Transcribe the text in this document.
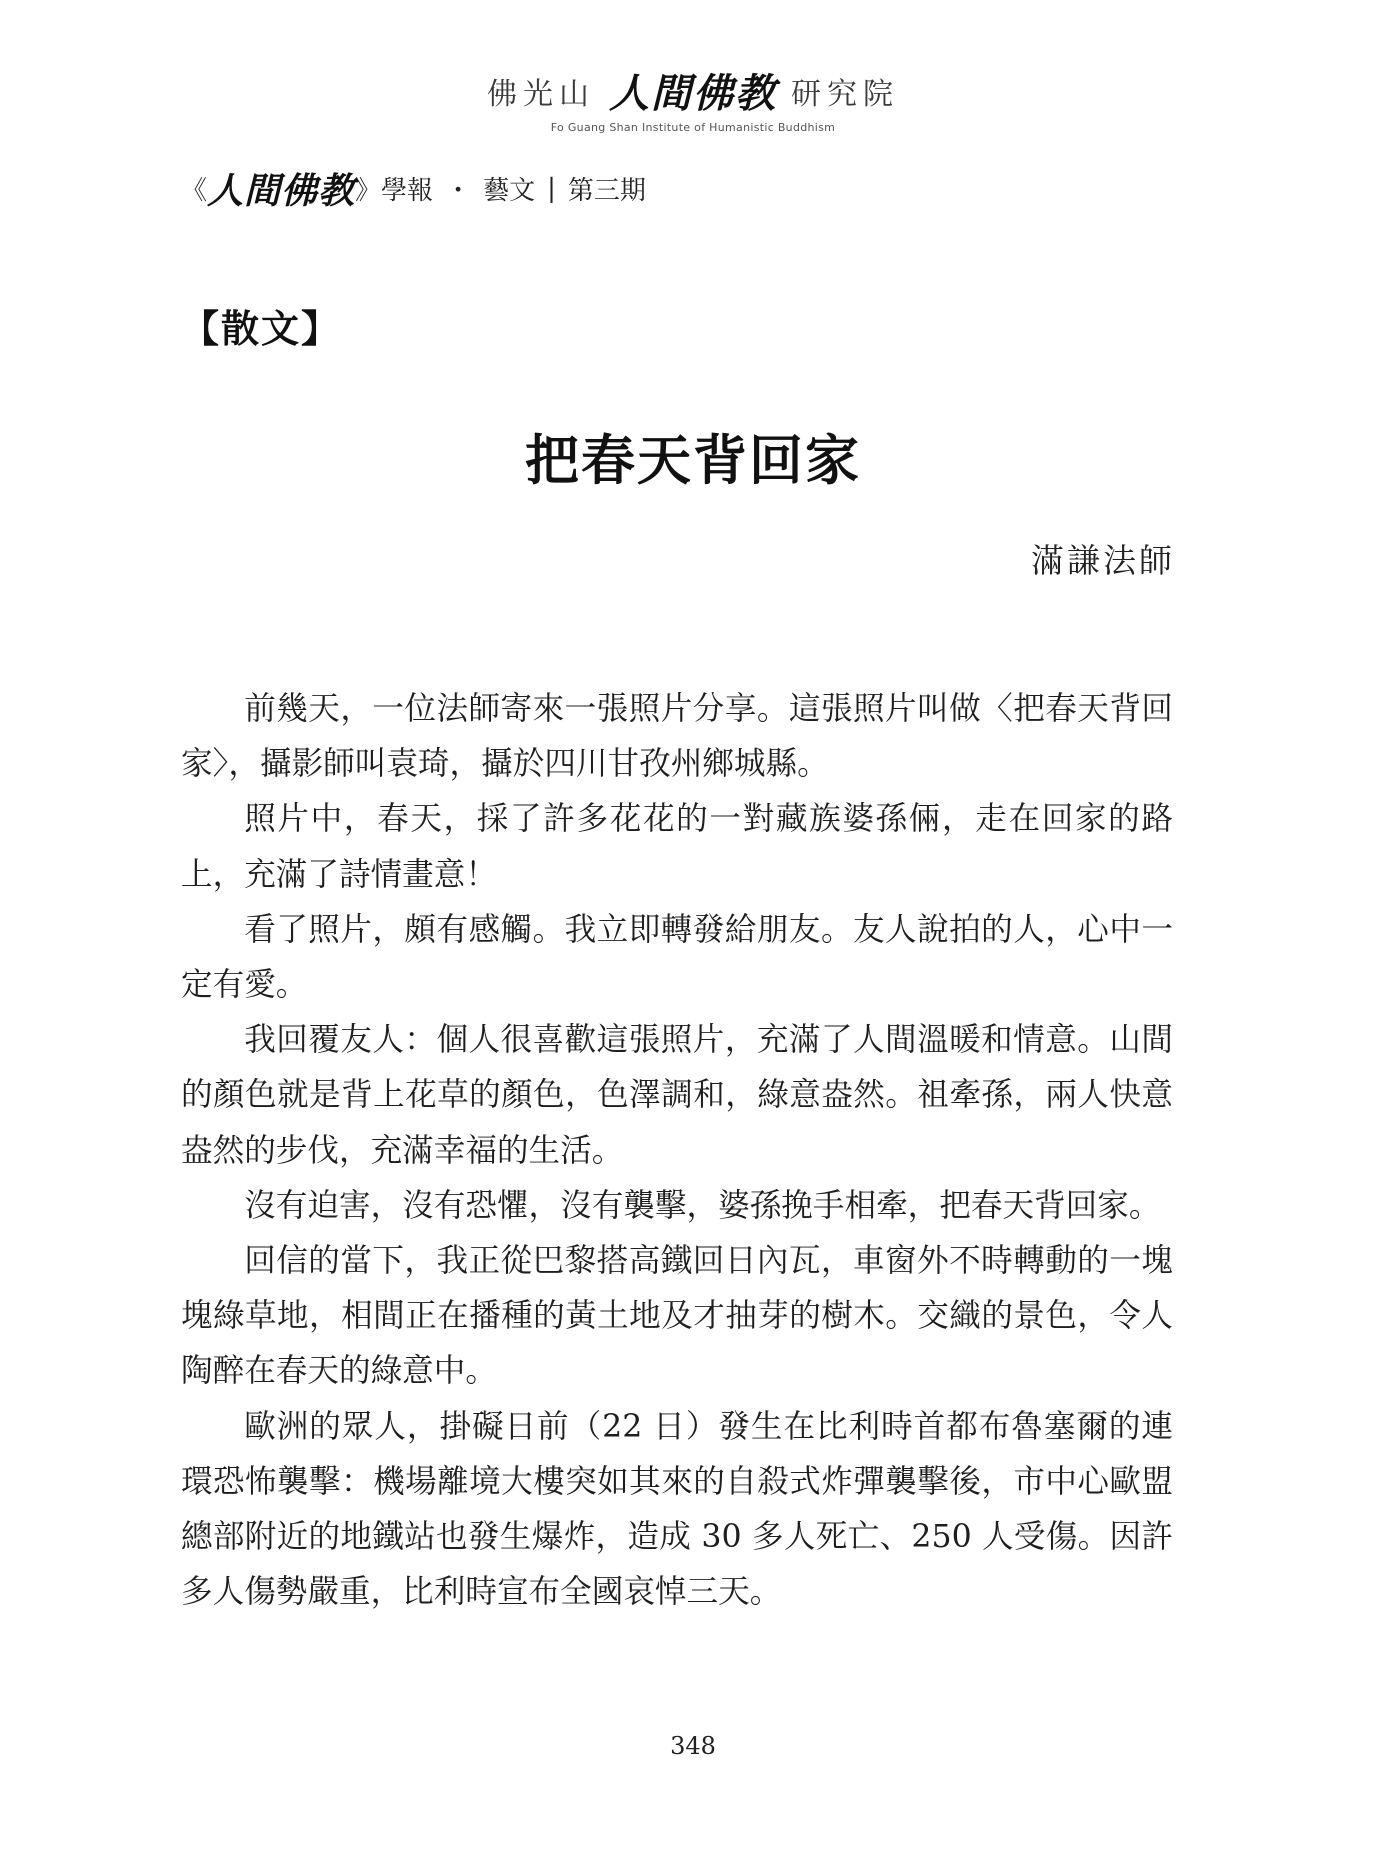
佛光山 人間佛教 研究院
Fo Guang Shan Institute of Humanistic Buddhism
《 人間佛教 》 學報 ・ 藝文 | 第三期
【散文】
把春天背回家
滿謙法師

前幾天，一位法師寄來一張照片分享。這張照片叫做〈把春天背回家〉，攝影師叫袁琦，攝於四川甘孜州鄉城縣。

照片中，春天，採了許多花花的一對藏族婆孫倆，走在回家的路上，充滿了詩情畫意！

看了照片，頗有感觸。我立即轉發給朋友。友人說拍的人，心中一定有愛。

我回覆友人：個人很喜歡這張照片，充滿了人間溫暖和情意。山間的顏色就是背上花草的顏色，色澤調和，綠意盎然。祖牽孫，兩人快意盎然的步伐，充滿幸福的生活。

沒有迫害，沒有恐懼，沒有襲擊，婆孫挽手相牽，把春天背回家。

回信的當下，我正從巴黎搭高鐵回日內瓦，車窗外不時轉動的一塊塊綠草地，相間正在播種的黃土地及才抽芽的樹木。交織的景色，令人陶醉在春天的綠意中。

歐洲的眾人，掛礙日前（22 日）發生在比利時首都布魯塞爾的連環恐怖襲擊：機場離境大樓突如其來的自殺式炸彈襲擊後，市中心歐盟總部附近的地鐵站也發生爆炸，造成 30 多人死亡、250 人受傷。因許多人傷勢嚴重，比利時宣布全國哀悼三天。

348
